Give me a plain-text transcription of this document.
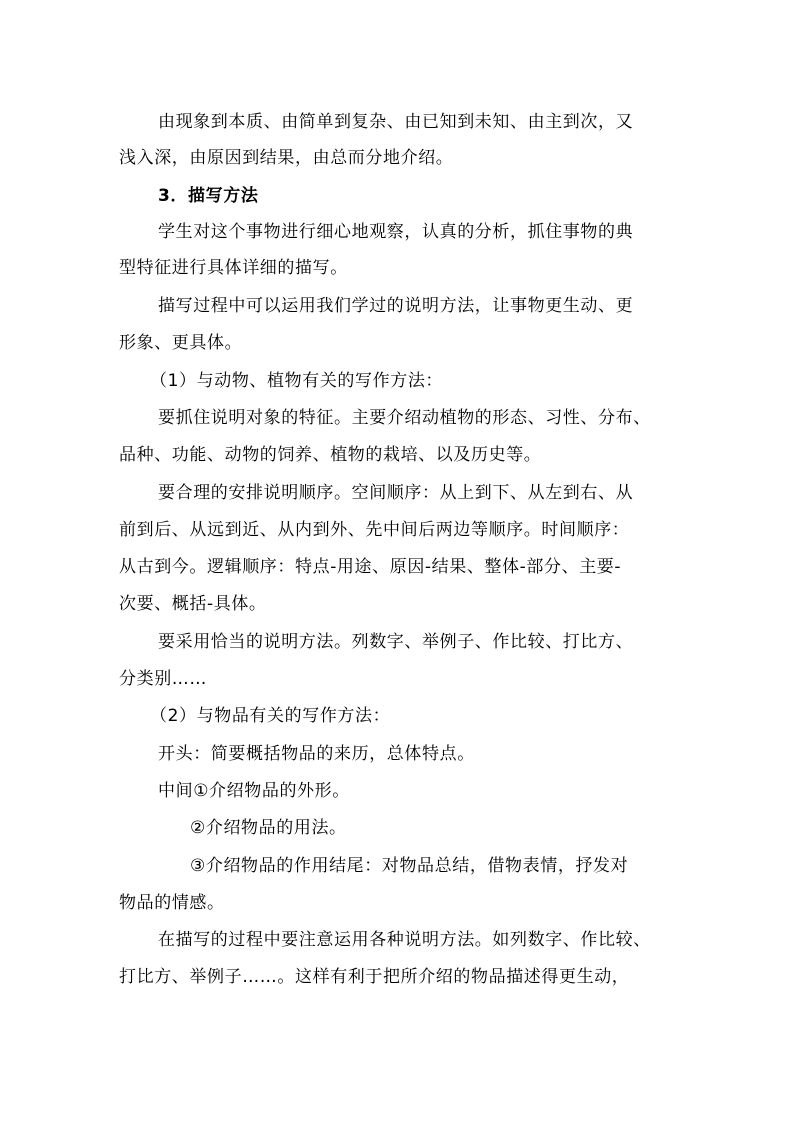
由现象到本质、由简单到复杂、由已知到未知、由主到次，又
浅入深，由原因到结果，由总而分地介绍。
3．描写方法
学生对这个事物进行细心地观察，认真的分析，抓住事物的典
型特征进行具体详细的描写。
描写过程中可以运用我们学过的说明方法，让事物更生动、更
形象、更具体。
（1）与动物、植物有关的写作方法：
要抓住说明对象的特征。主要介绍动植物的形态、习性、分布、
品种、功能、动物的饲养、植物的栽培、以及历史等。
要合理的安排说明顺序。空间顺序：从上到下、从左到右、从
前到后、从远到近、从内到外、先中间后两边等顺序。时间顺序：
从古到今。逻辑顺序：特点-用途、原因-结果、整体-部分、主要-
次要、概括-具体。
要采用恰当的说明方法。列数字、举例子、作比较、打比方、
分类别……
（2）与物品有关的写作方法：
开头：简要概括物品的来历，总体特点。
中间①介绍物品的外形。
②介绍物品的用法。
③介绍物品的作用结尾：对物品总结，借物表情，抒发对
物品的情感。
在描写的过程中要注意运用各种说明方法。如列数字、作比较、
打比方、举例子……。这样有利于把所介绍的物品描述得更生动，
